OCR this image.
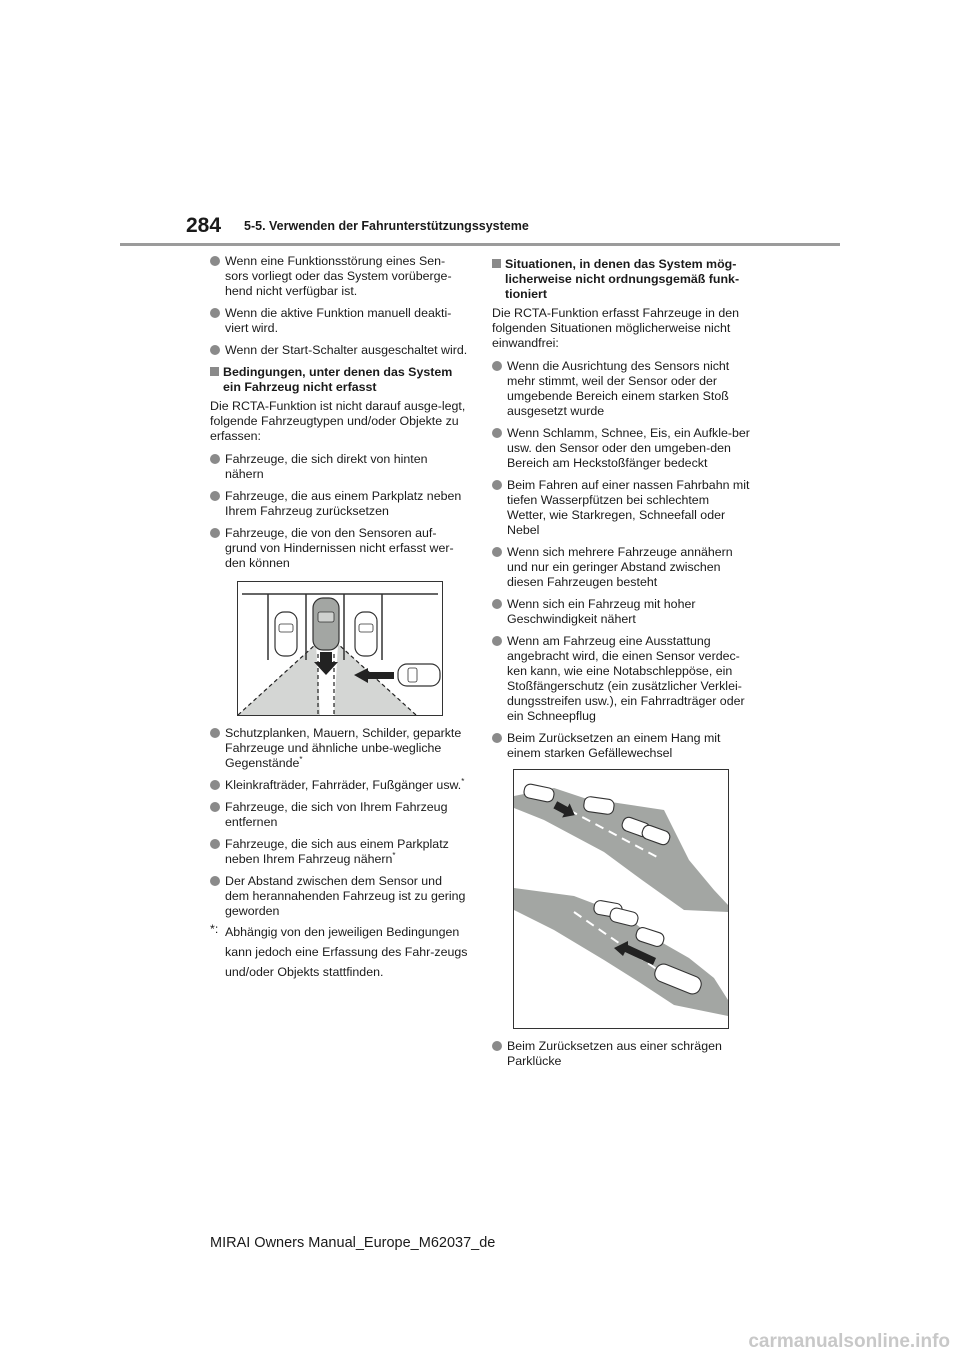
284 5-5. Verwenden der Fahrunterstützungssysteme
Wenn eine Funktionsstörung eines Sen-sors vorliegt oder das System vorüberge-hend nicht verfügbar ist.
Wenn die aktive Funktion manuell deakti-viert wird.
Wenn der Start-Schalter ausgeschaltet wird.
Bedingungen, unter denen das System ein Fahrzeug nicht erfasst
Die RCTA-Funktion ist nicht darauf ausge-legt, folgende Fahrzeugtypen und/oder Objekte zu erfassen:
Fahrzeuge, die sich direkt von hinten nähern
Fahrzeuge, die aus einem Parkplatz neben Ihrem Fahrzeug zurücksetzen
Fahrzeuge, die von den Sensoren auf-grund von Hindernissen nicht erfasst wer-den können
Schutzplanken, Mauern, Schilder, geparkte Fahrzeuge und ähnliche unbe-wegliche Gegenstände*
Kleinkrafträder, Fahrräder, Fußgänger usw.*
Fahrzeuge, die sich von Ihrem Fahrzeug entfernen
Fahrzeuge, die sich aus einem Parkplatz neben Ihrem Fahrzeug nähern*
Der Abstand zwischen dem Sensor und dem herannahenden Fahrzeug ist zu gering geworden
*: Abhängig von den jeweiligen Bedingungen kann jedoch eine Erfassung des Fahr-zeugs und/oder Objekts stattfinden.
Situationen, in denen das System mög-licherweise nicht ordnungsgemäß funk-tioniert
Die RCTA-Funktion erfasst Fahrzeuge in den folgenden Situationen möglicherweise nicht einwandfrei:
Wenn die Ausrichtung des Sensors nicht mehr stimmt, weil der Sensor oder der umgebende Bereich einem starken Stoß ausgesetzt wurde
Wenn Schlamm, Schnee, Eis, ein Aufkle-ber usw. den Sensor oder den umgeben-den Bereich am Heckstoßfänger bedeckt
Beim Fahren auf einer nassen Fahrbahn mit tiefen Wasserpfützen bei schlechtem Wetter, wie Starkregen, Schneefall oder Nebel
Wenn sich mehrere Fahrzeuge annähern und nur ein geringer Abstand zwischen diesen Fahrzeugen besteht
Wenn sich ein Fahrzeug mit hoher Geschwindigkeit nähert
Wenn am Fahrzeug eine Ausstattung angebracht wird, die einen Sensor verdec-ken kann, wie eine Notabschleppöse, ein Stoßfängerschutz (ein zusätzlicher Verklei-dungsstreifen usw.), ein Fahrradträger oder ein Schneepflug
Beim Zurücksetzen an einem Hang mit einem starken Gefällewechsel
Beim Zurücksetzen aus einer schrägen Parklücke
MIRAI Owners Manual_Europe_M62037_de
carmanualsonline.info
